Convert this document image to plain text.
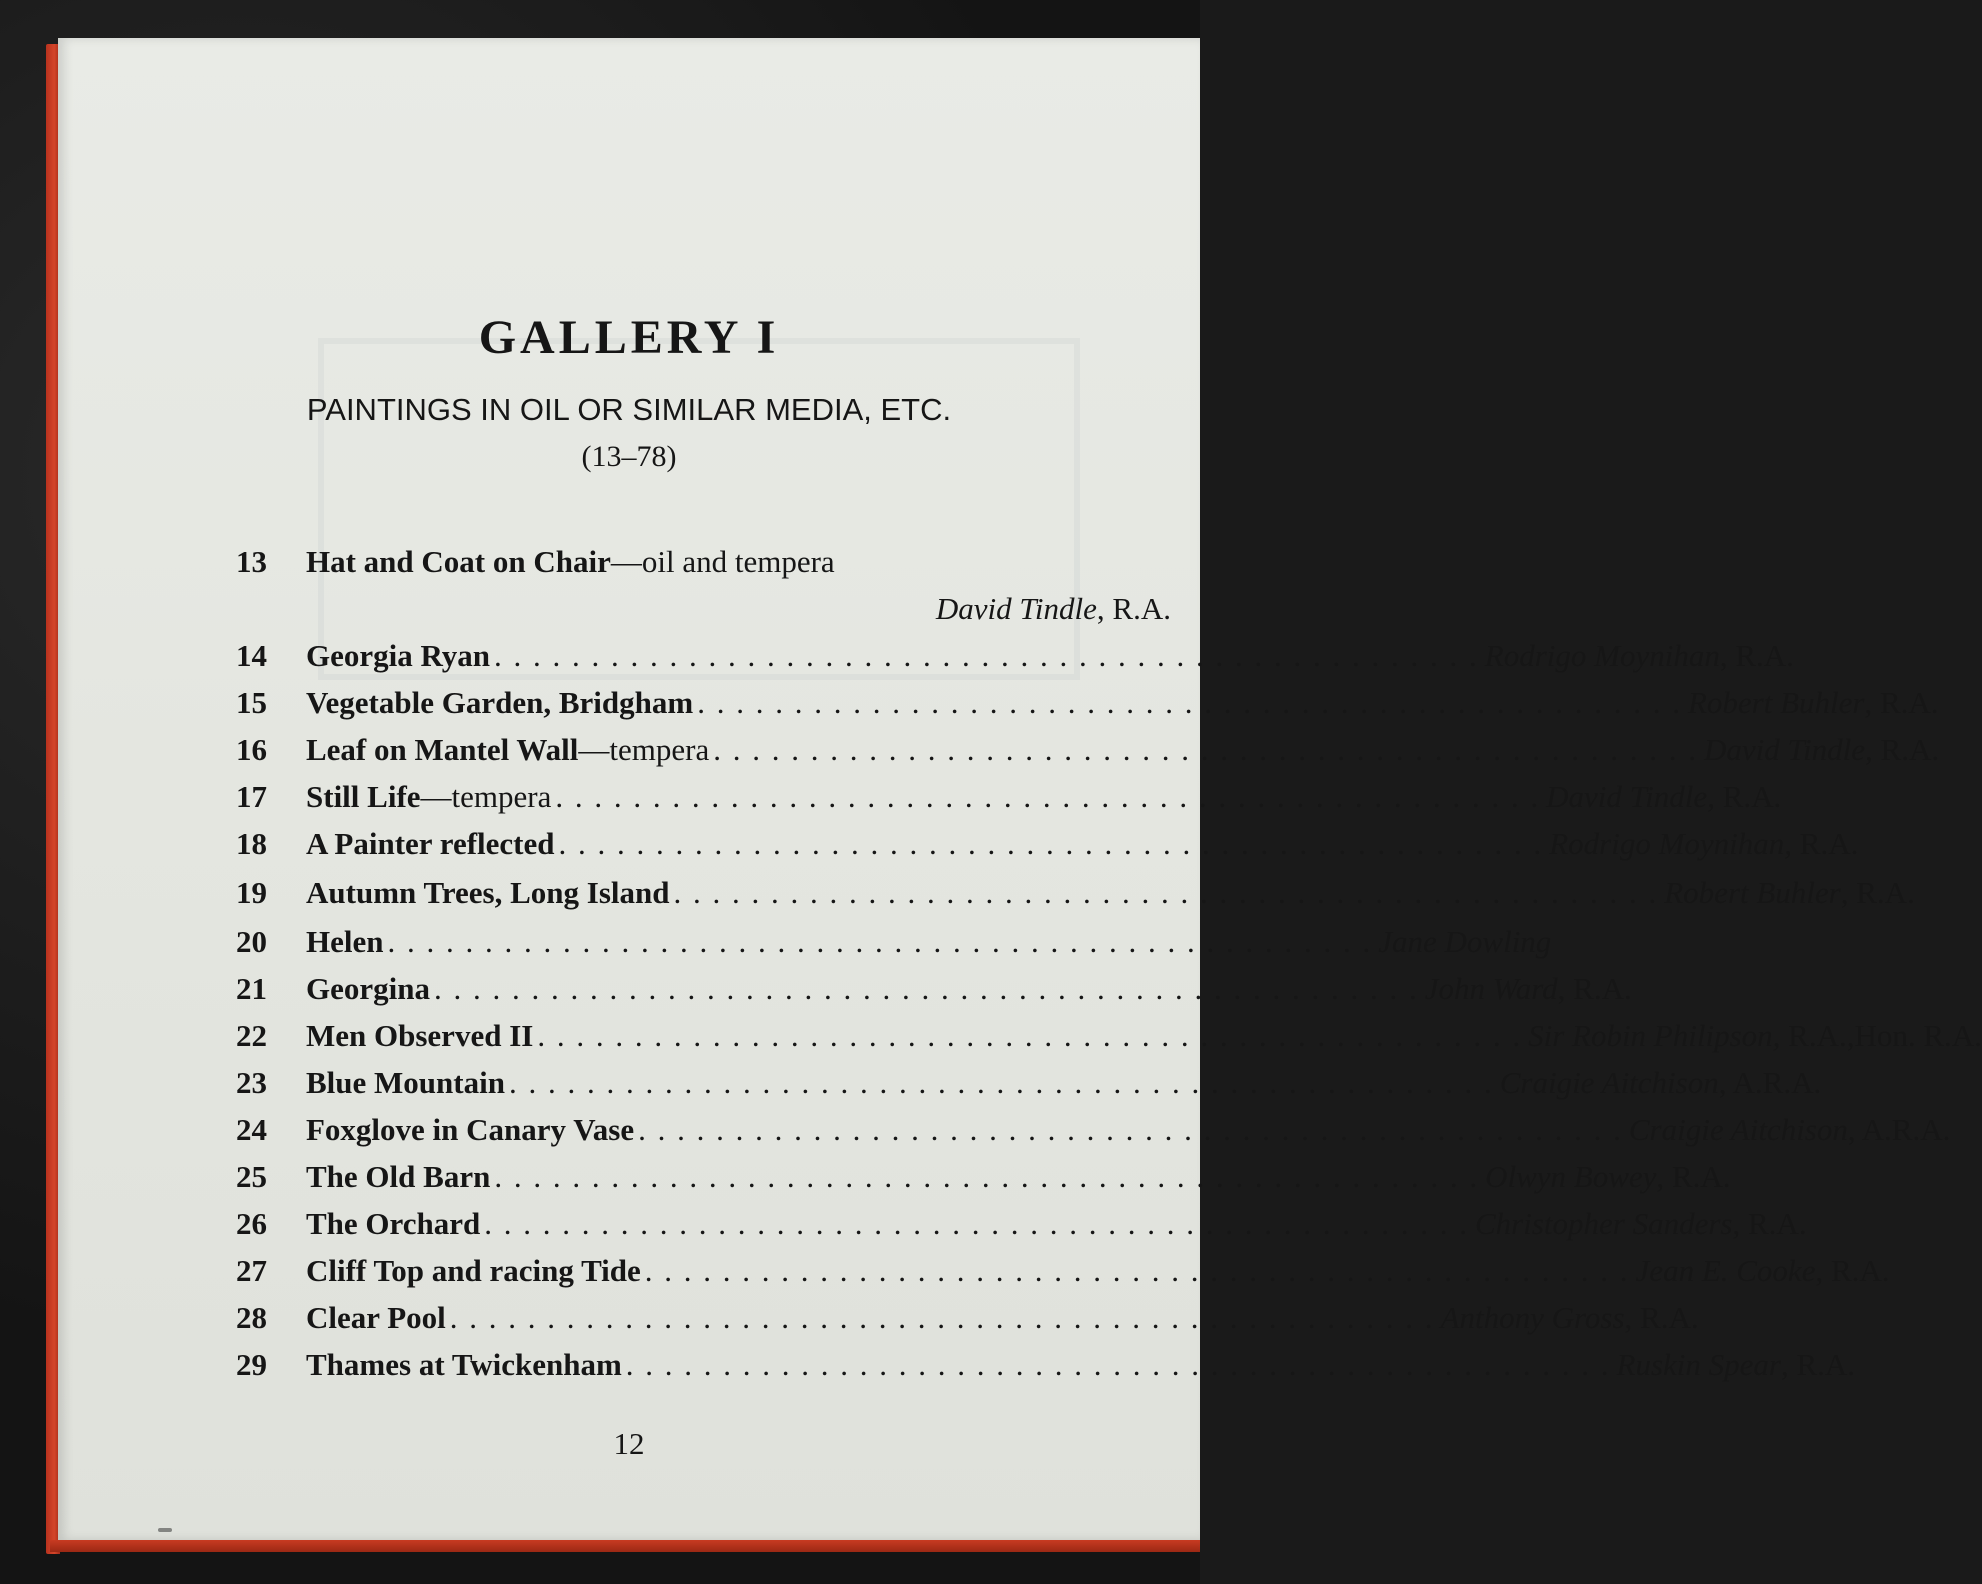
GALLERY I

PAINTINGS IN OIL OR SIMILAR MEDIA, ETC.

(13–78)

13	Hat and Coat on Chair —oil and tempera
David Tindle, R.A.
14	Georgia Ryan . . . . . . . . . . . . . . . . . . . . . . . . . . . . . . . . . . . . . . . . . . . . . . . . . . . Rodrigo Moynihan, R.A.
15	Vegetable Garden, Bridgham . . . . . . . . . . . . . . . . . . . . . . . . . . . . . . . . . . . . . . . . . . . . . . . . . . . Robert Buhler, R.A.
16	Leaf on Mantel Wall —tempera . . . . . . . . . . . . . . . . . . . . . . . . . . . . . . . . . . . . . . . . . . . . . . . . . . . David Tindle, R.A.
17	Still Life —tempera . . . . . . . . . . . . . . . . . . . . . . . . . . . . . . . . . . . . . . . . . . . . . . . . . . . David Tindle, R.A.
18	A Painter reflected . . . . . . . . . . . . . . . . . . . . . . . . . . . . . . . . . . . . . . . . . . . . . . . . . . . Rodrigo Moynihan, R.A.
19	Autumn Trees, Long Island . . . . . . . . . . . . . . . . . . . . . . . . . . . . . . . . . . . . . . . . . . . . . . . . . . . Robert Buhler, R.A.
20	Helen . . . . . . . . . . . . . . . . . . . . . . . . . . . . . . . . . . . . . . . . . . . . . . . . . . . Jane Dowling
21	Georgina . . . . . . . . . . . . . . . . . . . . . . . . . . . . . . . . . . . . . . . . . . . . . . . . . . . John Ward, R.A.
22	Men Observed II . . . . . . . . . . . . . . . . . . . . . . . . . . . . . . . . . . . . . . . . . . . . . . . . . . . Sir Robin Philipson, R.A.,Hon. R.A.
23	Blue Mountain . . . . . . . . . . . . . . . . . . . . . . . . . . . . . . . . . . . . . . . . . . . . . . . . . . . Craigie Aitchison, A.R.A.
24	Foxglove in Canary Vase . . . . . . . . . . . . . . . . . . . . . . . . . . . . . . . . . . . . . . . . . . . . . . . . . . . Craigie Aitchison, A.R.A.
25	The Old Barn . . . . . . . . . . . . . . . . . . . . . . . . . . . . . . . . . . . . . . . . . . . . . . . . . . . Olwyn Bowey, R.A.
26	The Orchard . . . . . . . . . . . . . . . . . . . . . . . . . . . . . . . . . . . . . . . . . . . . . . . . . . . Christopher Sanders, R.A.
27	Cliff Top and racing Tide . . . . . . . . . . . . . . . . . . . . . . . . . . . . . . . . . . . . . . . . . . . . . . . . . . . Jean E. Cooke, R.A.
28	Clear Pool . . . . . . . . . . . . . . . . . . . . . . . . . . . . . . . . . . . . . . . . . . . . . . . . . . . Anthony Gross, R.A.
29	Thames at Twickenham . . . . . . . . . . . . . . . . . . . . . . . . . . . . . . . . . . . . . . . . . . . . . . . . . . . Ruskin Spear, R.A.

12
